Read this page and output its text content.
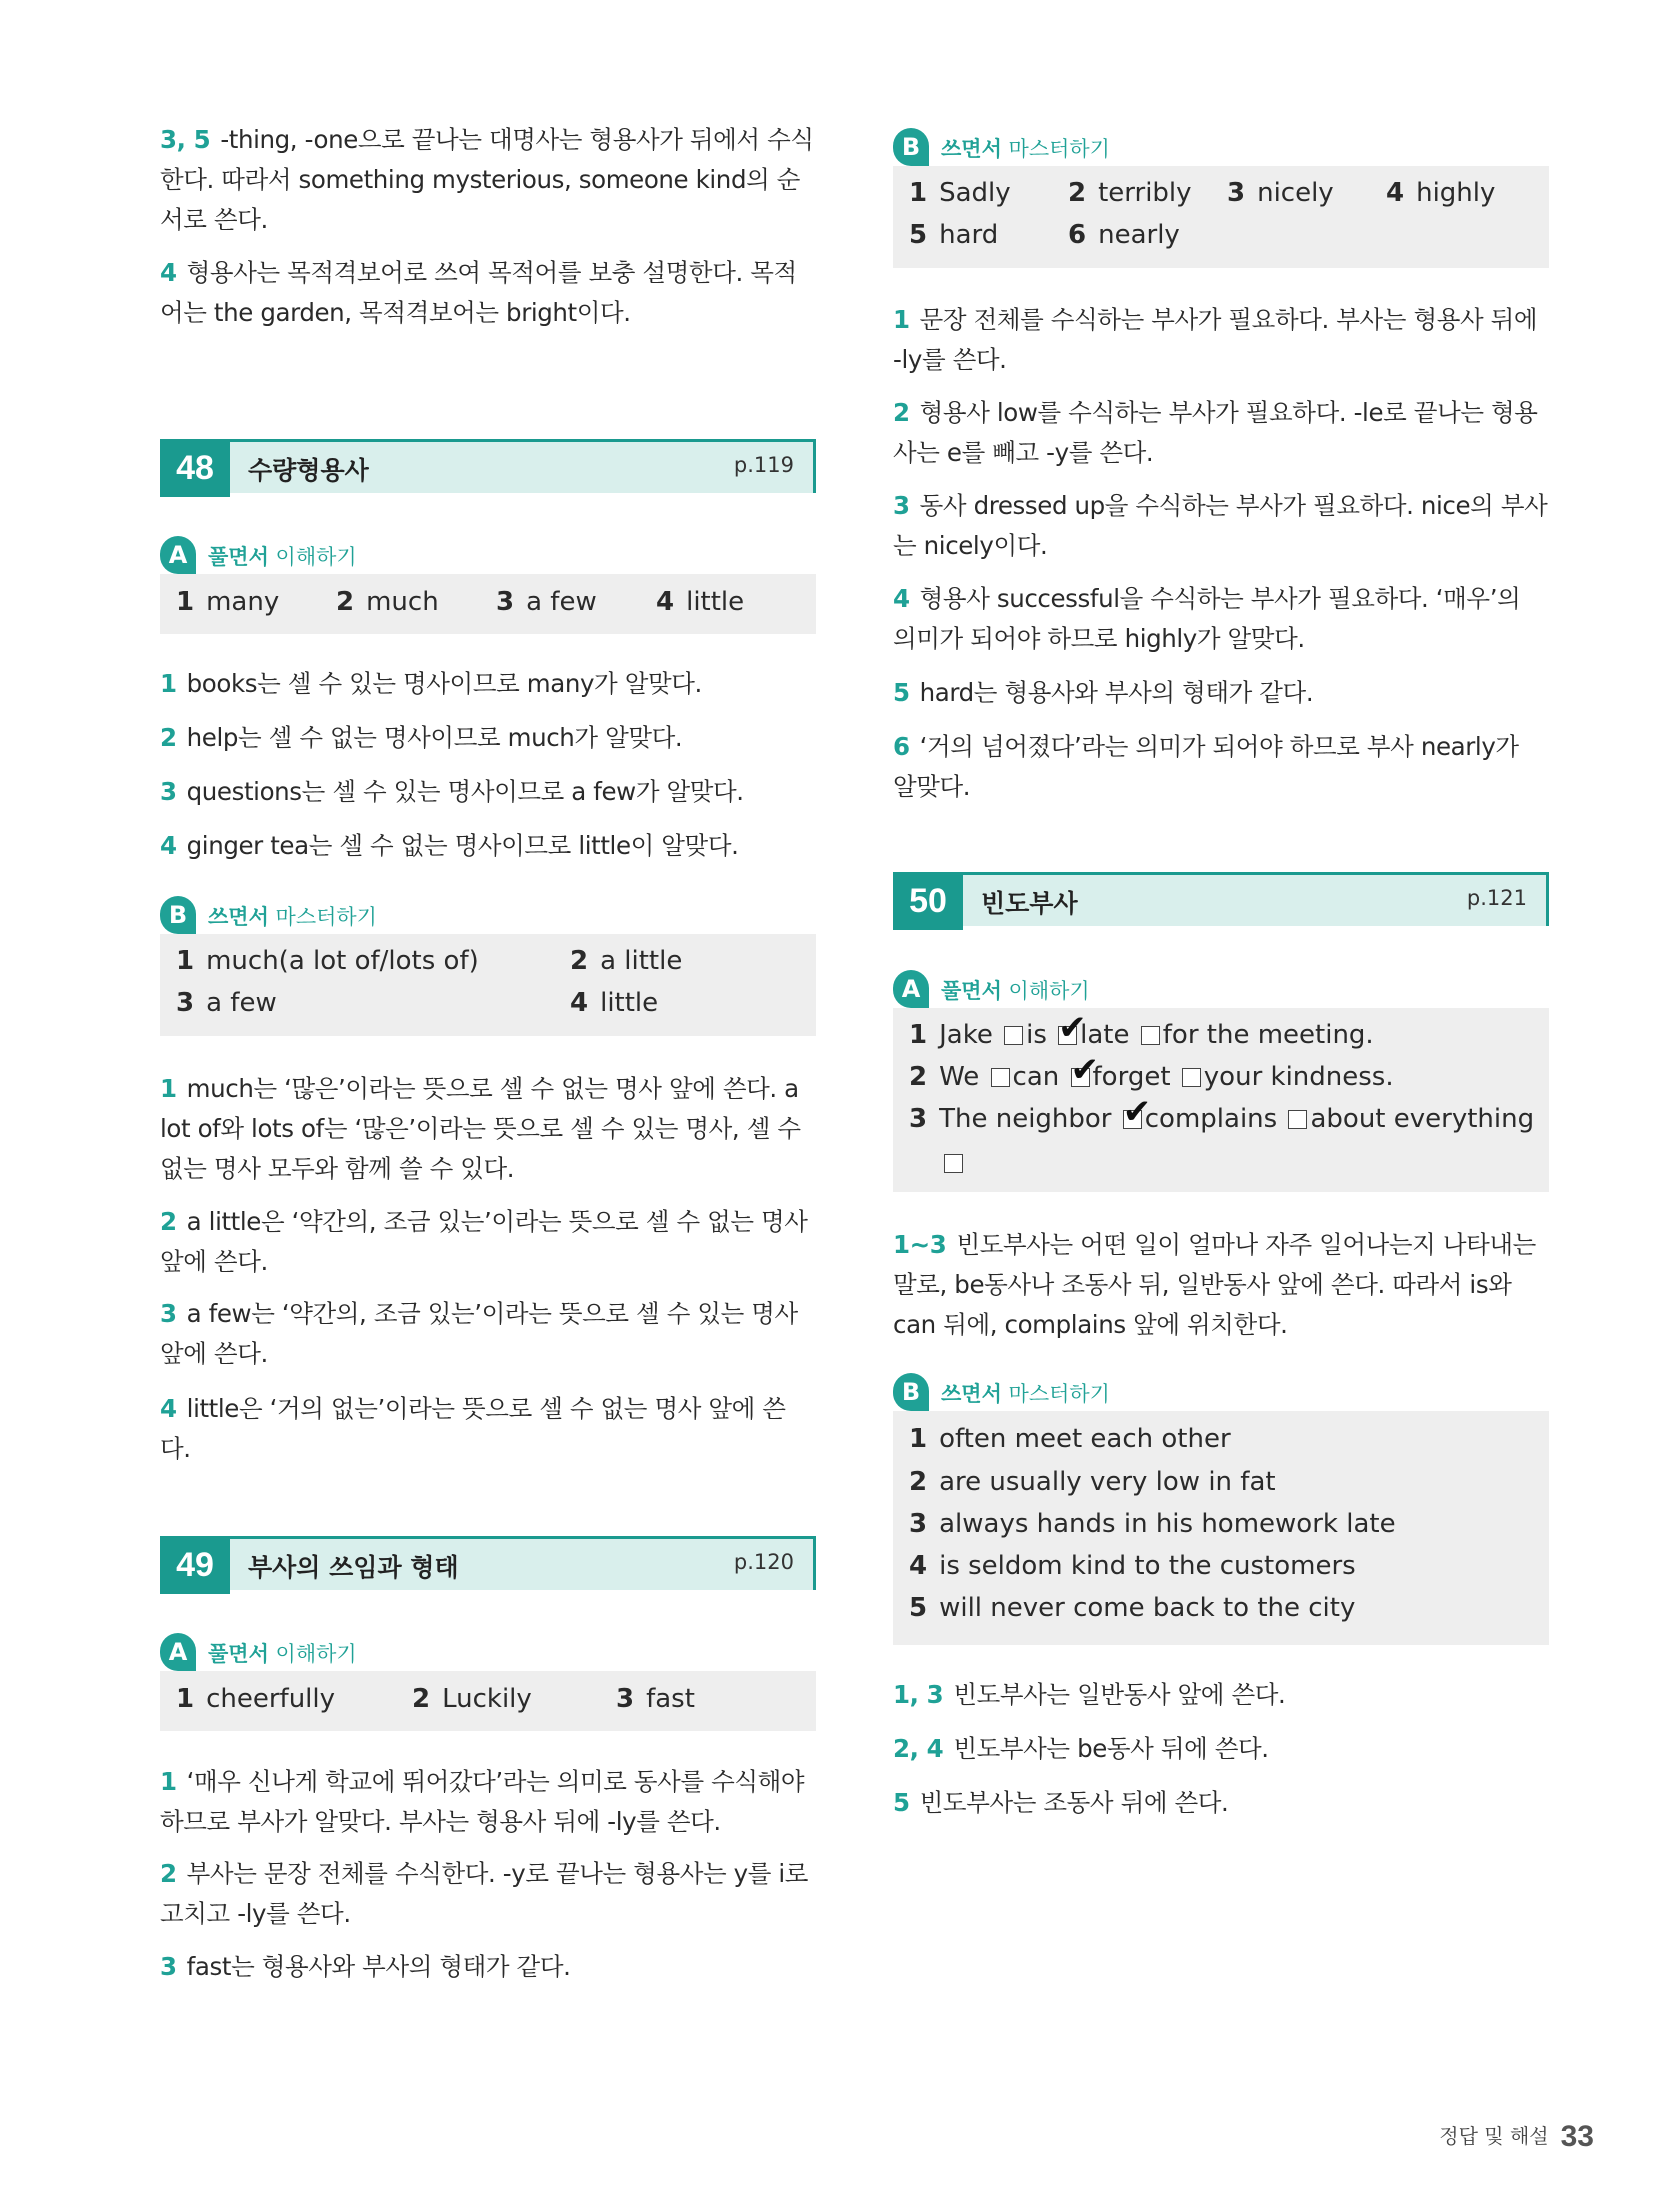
3, 5 -thing, -one으로 끝나는 대명사는 형용사가 뒤에서 수식한다. 따라서 something mysterious, someone kind의 순서로 쓴다.
4 형용사는 목적격보어로 쓰여 목적어를 보충 설명한다. 목적어는 the garden, 목적격보어는 bright이다.
48	수량형용사	p.119
A 풀면서 이해하기
1 many 2 much 3 a few 4 little
1 books는 셀 수 있는 명사이므로 many가 알맞다.
2 help는 셀 수 없는 명사이므로 much가 알맞다.
3 questions는 셀 수 있는 명사이므로 a few가 알맞다.
4 ginger tea는 셀 수 없는 명사이므로 little이 알맞다.
B 쓰면서 마스터하기
1 much(a lot of/lots of)	2 a little
3 a few	4 little
1 much는 ‘많은’이라는 뜻으로 셀 수 없는 명사 앞에 쓴다. a lot of와 lots of는 ‘많은’이라는 뜻으로 셀 수 있는 명사, 셀 수 없는 명사 모두와 함께 쓸 수 있다.
2 a little은 ‘약간의, 조금 있는’이라는 뜻으로 셀 수 없는 명사 앞에 쓴다.
3 a few는 ‘약간의, 조금 있는’이라는 뜻으로 셀 수 있는 명사 앞에 쓴다.
4 little은 ‘거의 없는’이라는 뜻으로 셀 수 없는 명사 앞에 쓴다.
49	부사의 쓰임과 형태	p.120
A 풀면서 이해하기
1 cheerfully	2 Luckily	3 fast
1 ‘매우 신나게 학교에 뛰어갔다’라는 의미로 동사를 수식해야 하므로 부사가 알맞다. 부사는 형용사 뒤에 -ly를 쓴다.
2 부사는 문장 전체를 수식한다. -y로 끝나는 형용사는 y를 i로 고치고 -ly를 쓴다.
3 fast는 형용사와 부사의 형태가 같다.
B 쓰면서 마스터하기
1 Sadly 2 terribly 3 nicely 4 highly
5 hard	6 nearly
1 문장 전체를 수식하는 부사가 필요하다. 부사는 형용사 뒤에 -ly를 쓴다.
2 형용사 low를 수식하는 부사가 필요하다. -le로 끝나는 형용사는 e를 빼고 -y를 쓴다.
3 동사 dressed up을 수식하는 부사가 필요하다. nice의 부사는 nicely이다.
4 형용사 successful을 수식하는 부사가 필요하다. ‘매우’의 의미가 되어야 하므로 highly가 알맞다.
5 hard는 형용사와 부사의 형태가 같다.
6 ‘거의 넘어졌다’라는 의미가 되어야 하므로 부사 nearly가 알맞다.
50	빈도부사	p.121
A 풀면서 이해하기
1 Jake is ✔
late for the meeting.
2 We can ✔
forget your kindness.
3 The neighbor ✔
complains about everything
1~3 빈도부사는 어떤 일이 얼마나 자주 일어나는지 나타내는 말로, be동사나 조동사 뒤, 일반동사 앞에 쓴다. 따라서 is와 can 뒤에, complains 앞에 위치한다.
B 쓰면서 마스터하기
1 often meet each other
2 are usually very low in fat
3 always hands in his homework late
4 is seldom kind to the customers
5 will never come back to the city
1, 3 빈도부사는 일반동사 앞에 쓴다.
2, 4 빈도부사는 be동사 뒤에 쓴다.
5 빈도부사는 조동사 뒤에 쓴다.
정답 및 해설 33
